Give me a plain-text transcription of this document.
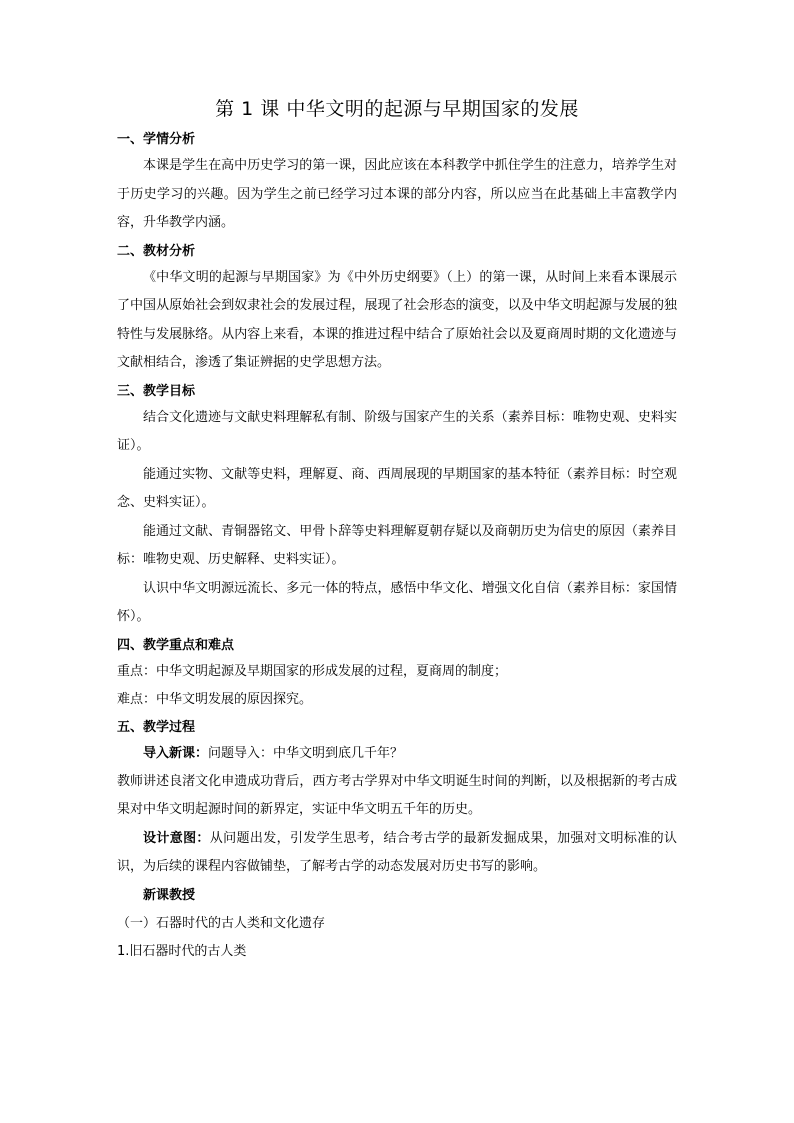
第 1 课 中华文明的起源与早期国家的发展
一、学情分析

本课是学生在高中历史学习的第一课，因此应该在本科教学中抓住学生的注意力，培养学生对于历史学习的兴趣。因为学生之前已经学习过本课的部分内容，所以应当在此基础上丰富教学内容，升华教学内涵。

二、教材分析

《中华文明的起源与早期国家》为《中外历史纲要》（上）的第一课，从时间上来看本课展示了中国从原始社会到奴隶社会的发展过程，展现了社会形态的演变，以及中华文明起源与发展的独特性与发展脉络。从内容上来看，本课的推进过程中结合了原始社会以及夏商周时期的文化遗迹与文献相结合，渗透了集证辨据的史学思想方法。

三、教学目标

结合文化遗迹与文献史料理解私有制、阶级与国家产生的关系（素养目标：唯物史观、史料实证）。

能通过实物、文献等史料，理解夏、商、西周展现的早期国家的基本特征（素养目标：时空观念、史料实证）。

能通过文献、青铜器铭文、甲骨卜辞等史料理解夏朝存疑以及商朝历史为信史的原因（素养目标：唯物史观、历史解释、史料实证）。

认识中华文明源远流长、多元一体的特点，感悟中华文化、增强文化自信（素养目标：家国情怀）。

四、教学重点和难点
重点：中华文明起源及早期国家的形成发展的过程，夏商周的制度；
难点：中华文明发展的原因探究。
五、教学过程
导入新课：问题导入：中华文明到底几千年？

教师讲述良渚文化申遗成功背后，西方考古学界对中华文明诞生时间的判断，以及根据新的考古成果对中华文明起源时间的新界定，实证中华文明五千年的历史。

设计意图：从问题出发，引发学生思考，结合考古学的最新发掘成果，加强对文明标准的认识，为后续的课程内容做铺垫，了解考古学的动态发展对历史书写的影响。

新课教授
（一）石器时代的古人类和文化遗存
1.旧石器时代的古人类
